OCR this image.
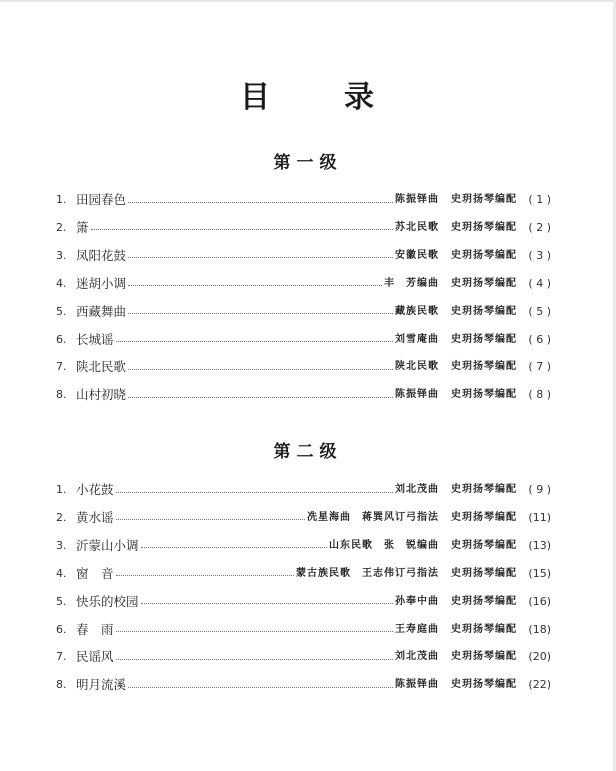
目 录
第一级
1. 田园春色	陈振铎曲 史玥扬琴编配	( 1 )
2. 箫	苏北民歌 史玥扬琴编配	( 2 )
3. 凤阳花鼓	安徽民歌 史玥扬琴编配	( 3 )
4. 迷胡小调	丰　芳编曲 史玥扬琴编配	( 4 )
5. 西藏舞曲	藏族民歌 史玥扬琴编配	( 5 )
6. 长城谣	刘雪庵曲 史玥扬琴编配	( 6 )
7. 陕北民歌	陕北民歌 史玥扬琴编配	( 7 )
8. 山村初晓	陈振铎曲 史玥扬琴编配	( 8 )
第二级
1. 小花鼓	刘北茂曲 史玥扬琴编配	( 9 )
2. 黄水谣	冼星海曲　蒋巽风订弓指法 史玥扬琴编配	(11)
3. 沂蒙山小调	山东民歌　张　锐编曲 史玥扬琴编配	(13)
4. 窗　音	蒙古族民歌　王志伟订弓指法 史玥扬琴编配	(15)
5. 快乐的校园	孙奉中曲 史玥扬琴编配	(16)
6. 春　雨	王寿庭曲 史玥扬琴编配	(18)
7. 民谣风	刘北茂曲 史玥扬琴编配	(20)
8. 明月流溪	陈振铎曲 史玥扬琴编配	(22)
